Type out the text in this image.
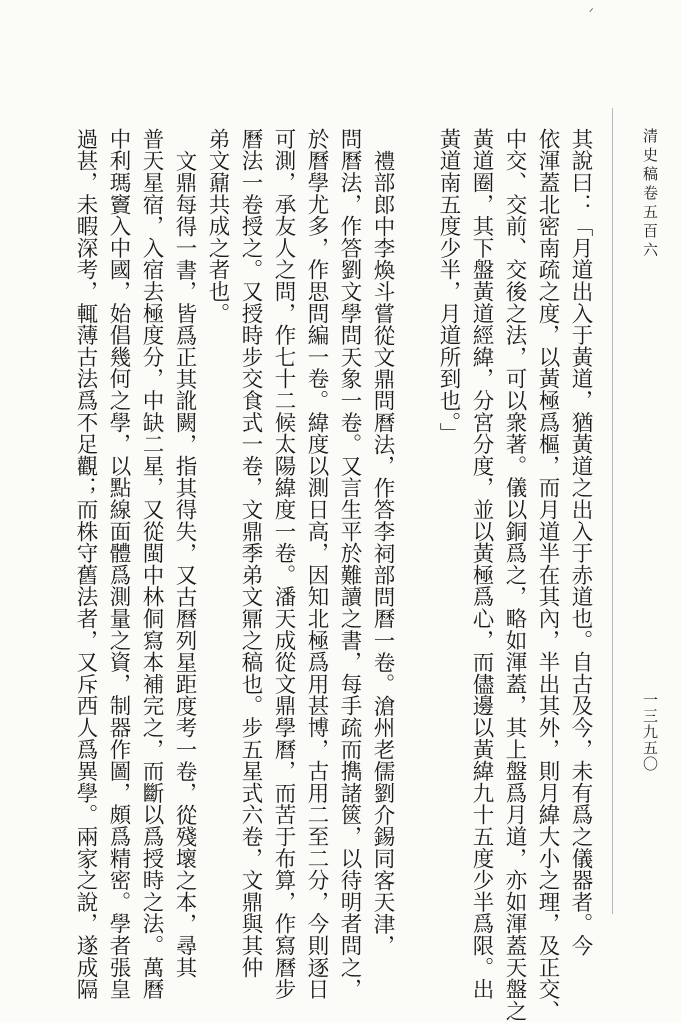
ᐟ
清史稿卷五百六
一三九五〇
其說曰：「月道出入于黃道，猶黃道之出入于赤道也。自古及今，未有爲之儀器者。今
依渾蓋北密南疏之度，以黃極爲樞，而月道半在其內，半出其外，則月緯大小之理，及正交、
中交、交前、交後之法，可以衆著。儀以銅爲之，略如渾蓋，其上盤爲月道，亦如渾蓋天盤之
黃道圈，其下盤黃道經緯，分宮分度，並以黃極爲心，而儘邊以黃緯九十五度少半爲限。出
黃道南五度少半，月道所到也。」
禮部郎中李煥斗嘗從文鼎問曆法，作答李祠部問曆一卷。滄州老儒劉介錫同客天津，
問曆法，作答劉文學問天象一卷。又言生平於難讀之書，每手疏而擕諸篋，以待明者問之，
於曆學尤多，作思問編一卷。緯度以測日高，因知北極爲用甚博，古用二至二分，今則逐日
可測，承友人之問，作七十二候太陽緯度一卷。潘天成從文鼎學曆，而苦于布算，作寫曆步
曆法一卷授之。又授時步交食式一卷，文鼎季弟文鼏之稿也。步五星式六卷，文鼎與其仲
弟文鼐共成之者也。
文鼎每得一書，皆爲正其訛闕，指其得失，又古曆列星距度考一卷，從殘壞之本，尋其
普天星宿，入宿去極度分，中缺二星，又從閩中林侗寫本補完之，而斷以爲授時之法。萬曆
中利瑪竇入中國，始倡幾何之學，以點線面體爲測量之資，制器作圖，頗爲精密。學者張皇
過甚，未暇深考，輒薄古法爲不足觀；而株守舊法者，又斥西人爲異學。兩家之說，遂成隔
